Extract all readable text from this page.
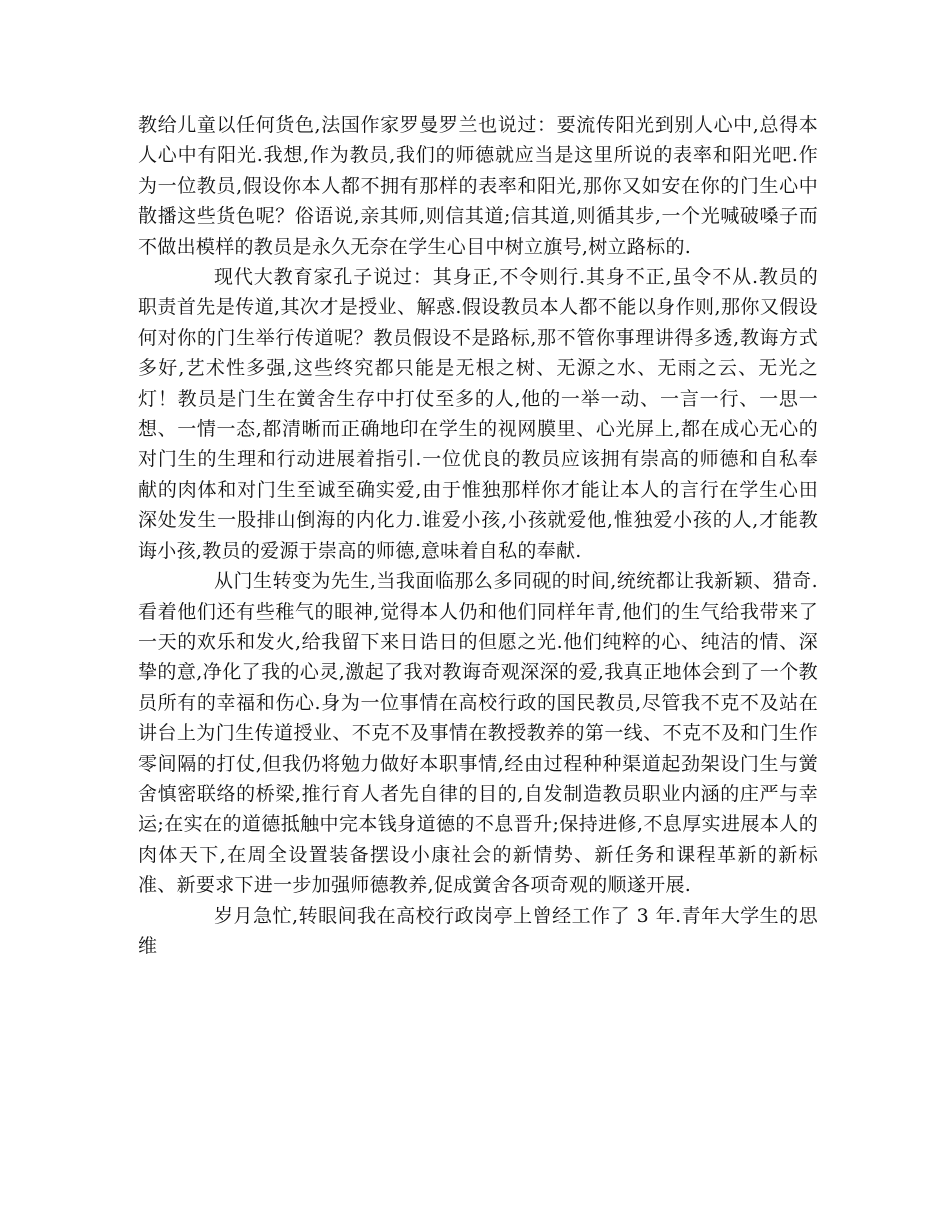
教给儿童以任何货色,法国作家罗曼罗兰也说过：要流传阳光到别人心中,总得本人心中有阳光.我想,作为教员,我们的师德就应当是这里所说的表率和阳光吧.作为一位教员,假设你本人都不拥有那样的表率和阳光,那你又如安在你的门生心中散播这些货色呢？俗语说,亲其师,则信其道;信其道,则循其步,一个光喊破嗓子而不做出模样的教员是永久无奈在学生心目中树立旗号,树立路标的.

现代大教育家孔子说过：其身正,不令则行.其身不正,虽令不从.教员的职责首先是传道,其次才是授业、解惑.假设教员本人都不能以身作则,那你又假设何对你的门生举行传道呢？教员假设不是路标,那不管你事理讲得多透,教诲方式多好,艺术性多强,这些终究都只能是无根之树、无源之水、无雨之云、无光之灯！教员是门生在黉舍生存中打仗至多的人,他的一举一动、一言一行、一思一想、一情一态,都清晰而正确地印在学生的视网膜里、心光屏上,都在成心无心的对门生的生理和行动进展着指引.一位优良的教员应该拥有崇高的师德和自私奉献的肉体和对门生至诚至确实爱,由于惟独那样你才能让本人的言行在学生心田深处发生一股排山倒海的内化力.谁爱小孩,小孩就爱他,惟独爱小孩的人,才能教诲小孩,教员的爱源于崇高的师德,意味着自私的奉献.

从门生转变为先生,当我面临那么多同砚的时间,统统都让我新颖、猎奇.看着他们还有些稚气的眼神,觉得本人仍和他们同样年青,他们的生气给我带来了一天的欢乐和发火,给我留下来日诰日的但愿之光.他们纯粹的心、纯洁的情、深挚的意,净化了我的心灵,激起了我对教诲奇观深深的爱,我真正地体会到了一个教员所有的幸福和伤心.身为一位事情在高校行政的国民教员,尽管我不克不及站在讲台上为门生传道授业、不克不及事情在教授教养的第一线、不克不及和门生作零间隔的打仗,但我仍将勉力做好本职事情,经由过程种种渠道起劲架设门生与黉舍慎密联络的桥梁,推行育人者先自律的目的,自发制造教员职业内涵的庄严与幸运;在实在的道德抵触中完本钱身道德的不息晋升;保持进修,不息厚实进展本人的肉体天下,在周全设置装备摆设小康社会的新情势、新任务和课程革新的新标准、新要求下进一步加强师德教养,促成黉舍各项奇观的顺遂开展.

岁月急忙,转眼间我在高校行政岗亭上曾经工作了 3 年.青年大学生的思维
